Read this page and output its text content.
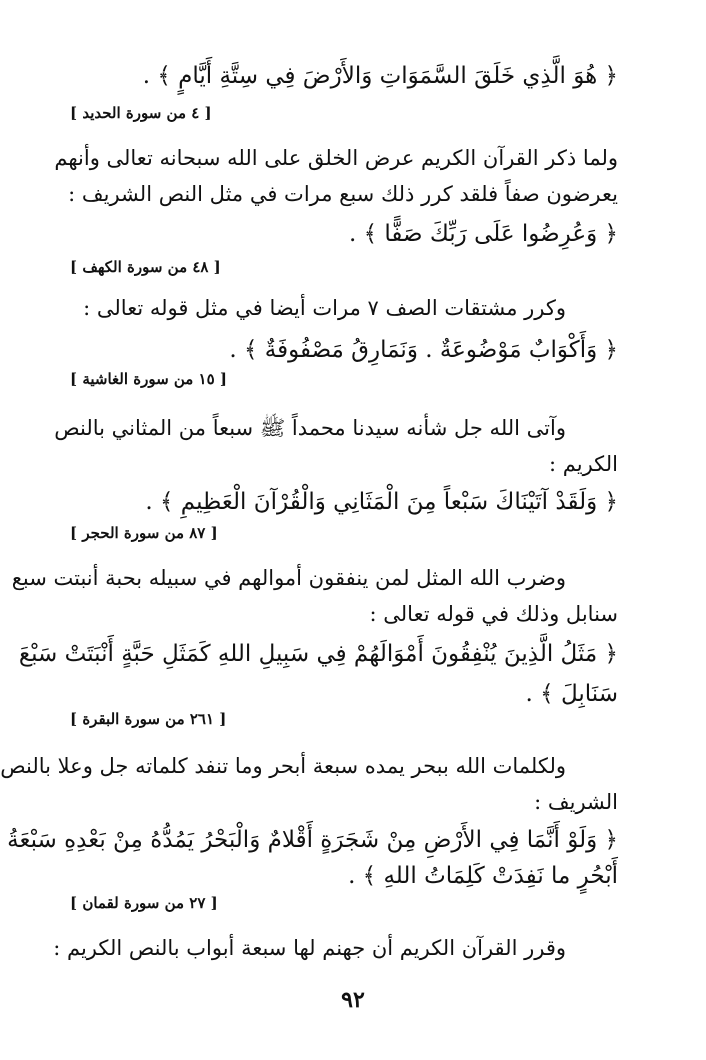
﴿ هُوَ الَّذِي خَلَقَ السَّمَوَاتِ وَالأَرْضَ فِي سِتَّةِ أَيَّامٍ ﴾ .
[ ٤ من سورة الحديد ]
ولما ذكر القرآن الكريم عرض الخلق على الله سبحانه تعالى وأنهم
يعرضون صفاً فلقد كرر ذلك سبع مرات في مثل النص الشريف :
﴿ وَعُرِضُوا عَلَى رَبِّكَ صَفًّا ﴾ .
[ ٤٨ من سورة الكهف ]
وكرر مشتقات الصف ٧ مرات أيضا في مثل قوله تعالى :
﴿ وَأَكْوَابٌ مَوْضُوعَةٌ . وَنَمَارِقُ مَصْفُوفَةٌ ﴾ .
[ ١٥ من سورة الغاشية ]
وآتى الله جل شأنه سيدنا محمداً ﷺ سبعاً من المثاني بالنص
الكريم :
﴿ وَلَقَدْ آتَيْنَاكَ سَبْعاً مِنَ الْمَثَانِي وَالْقُرْآنَ الْعَظِيمِ ﴾ .
[ ٨٧ من سورة الحجر ]
وضرب الله المثل لمن ينفقون أموالهم في سبيله بحبة أنبتت سبع
سنابل وذلك في قوله تعالى :
﴿ مَثَلُ الَّذِينَ يُنْفِقُونَ أَمْوَالَهُمْ فِي سَبِيلِ اللهِ كَمَثَلِ حَبَّةٍ أَنْبَتَتْ سَبْعَ
سَنَابِلَ ﴾ .
[ ٢٦١ من سورة البقرة ]
ولكلمات الله ببحر يمده سبعة أبحر وما تنفد كلماته جل وعلا بالنص
الشريف :
﴿ وَلَوْ أَنَّمَا فِي الأَرْضِ مِنْ شَجَرَةٍ أَقْلامٌ وَالْبَحْرُ يَمُدُّهُ مِنْ بَعْدِهِ سَبْعَةُ
أَبْحُرٍ ما نَفِدَتْ كَلِمَاتُ اللهِ ﴾ .
[ ٢٧ من سورة لقمان ]
وقرر القرآن الكريم أن جهنم لها سبعة أبواب بالنص الكريم :
٩٢
